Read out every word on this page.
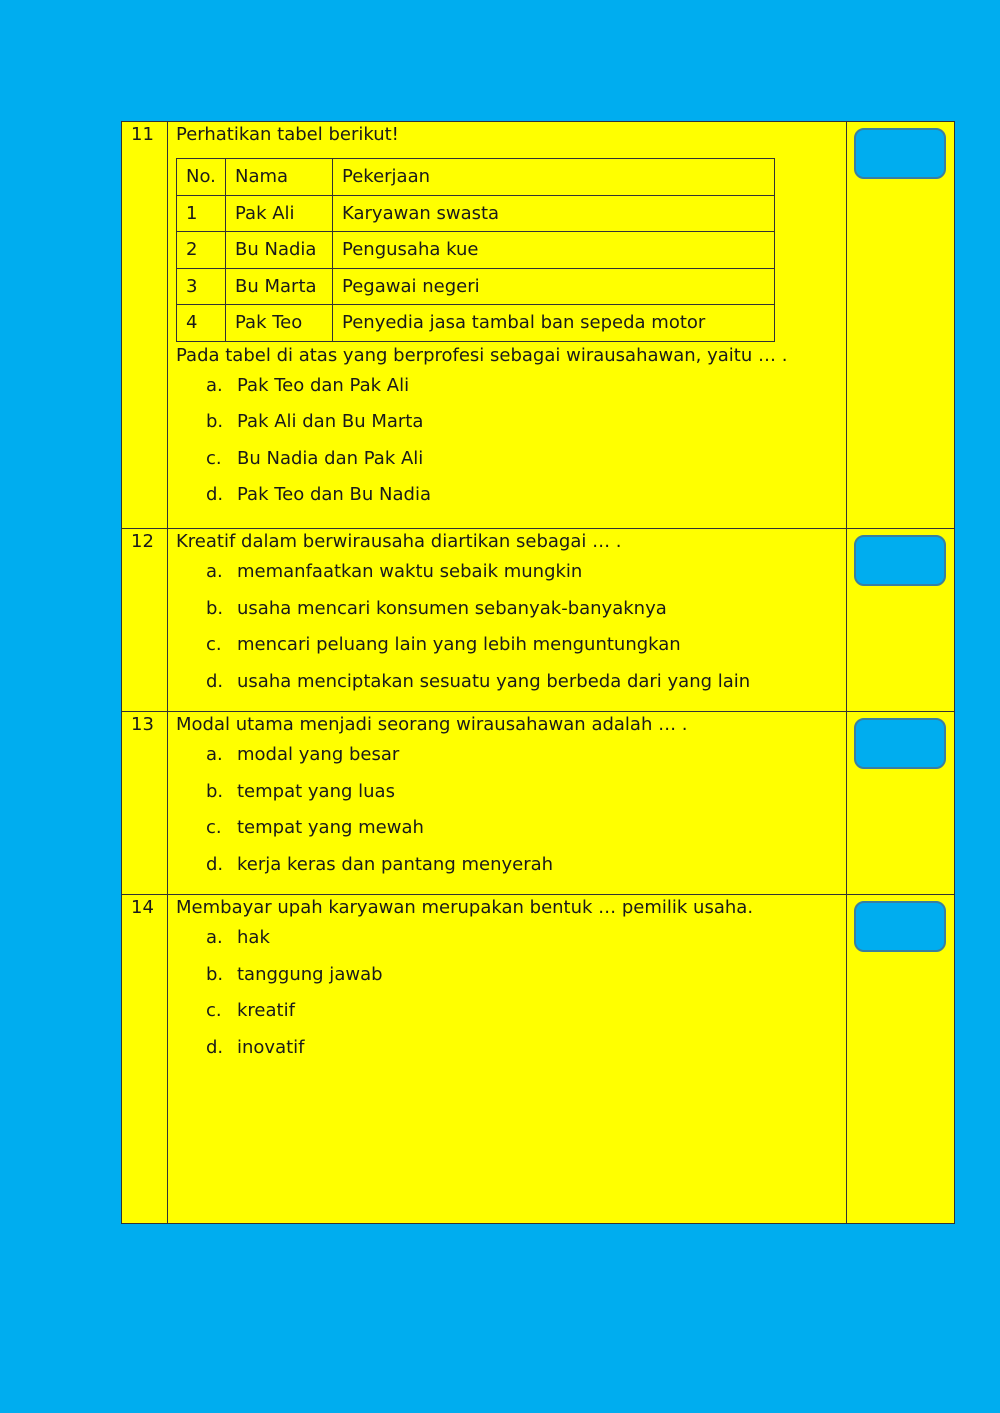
11	Perhatikan tabel berikut!
No.	Nama	Pekerjaan
1	Pak Ali	Karyawan swasta
2	Bu Nadia	Pengusaha kue
3	Bu Marta	Pegawai negeri
4	Pak Teo	Penyedia jasa tambal ban sepeda motor
Pada tabel di atas yang berprofesi sebagai wirausahawan, yaitu … .
a. Pak Teo dan Pak Ali
b. Pak Ali dan Bu Marta
c. Bu Nadia dan Pak Ali
d. Pak Teo dan Bu Nadia
12	Kreatif dalam berwirausaha diartikan sebagai … .
a. memanfaatkan waktu sebaik mungkin
b. usaha mencari konsumen sebanyak-banyaknya
c. mencari peluang lain yang lebih menguntungkan
d. usaha menciptakan sesuatu yang berbeda dari yang lain
13	Modal utama menjadi seorang wirausahawan adalah … .
a. modal yang besar
b. tempat yang luas
c. tempat yang mewah
d. kerja keras dan pantang menyerah
14	Membayar upah karyawan merupakan bentuk … pemilik usaha.
a. hak
b. tanggung jawab
c. kreatif
d. inovatif
